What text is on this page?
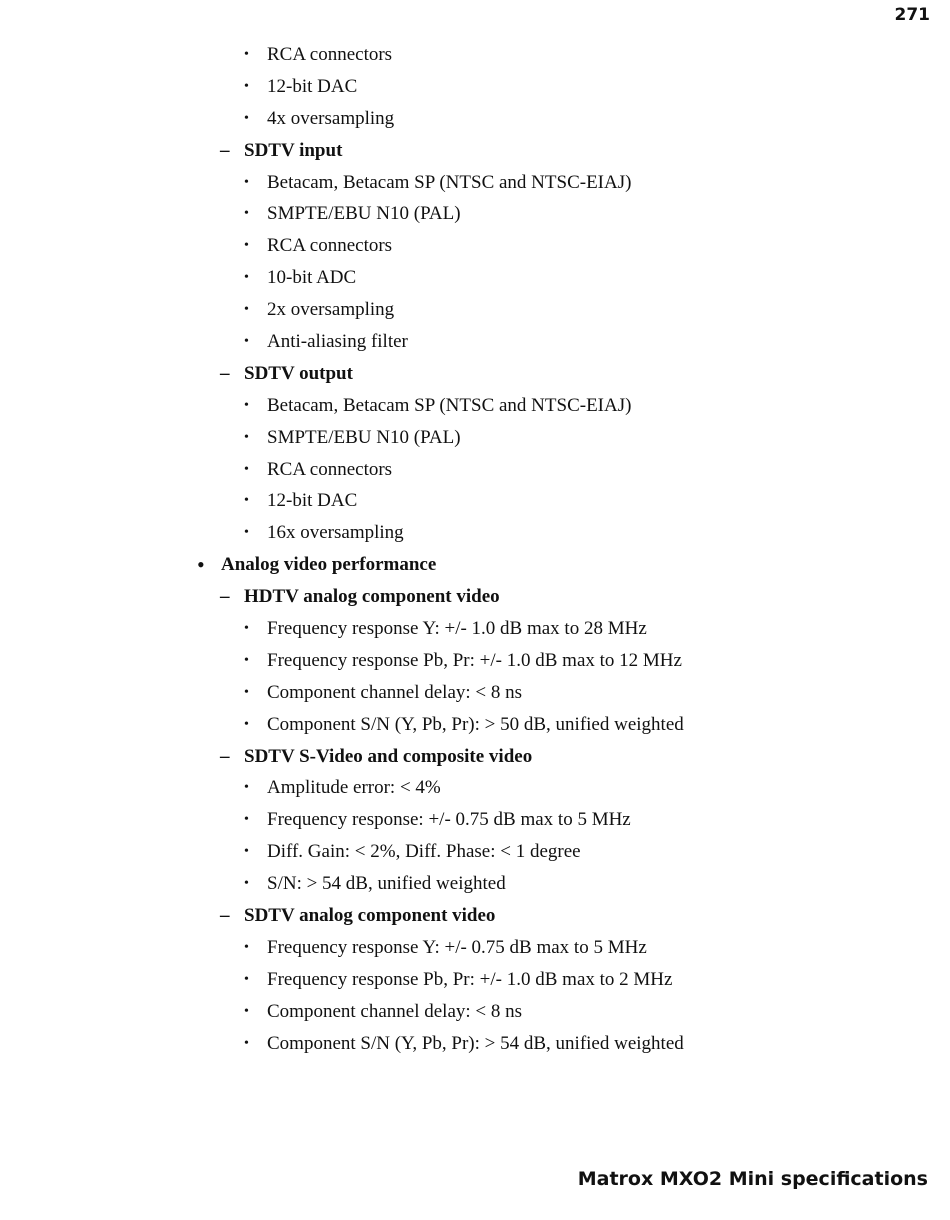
271
• RCA connectors
• 12-bit DAC
• 4x oversampling
– SDTV input
• Betacam, Betacam SP (NTSC and NTSC-EIAJ)
• SMPTE/EBU N10 (PAL)
• RCA connectors
• 10-bit ADC
• 2x oversampling
• Anti-aliasing filter
– SDTV output
• Betacam, Betacam SP (NTSC and NTSC-EIAJ)
• SMPTE/EBU N10 (PAL)
• RCA connectors
• 12-bit DAC
• 16x oversampling
• Analog video performance
– HDTV analog component video
• Frequency response Y: +/- 1.0 dB max to 28 MHz
• Frequency response Pb, Pr: +/- 1.0 dB max to 12 MHz
• Component channel delay: < 8 ns
• Component S/N (Y, Pb, Pr): > 50 dB, unified weighted
– SDTV S-Video and composite video
• Amplitude error: < 4%
• Frequency response: +/- 0.75 dB max to 5 MHz
• Diff. Gain: < 2%, Diff. Phase: < 1 degree
• S/N: > 54 dB, unified weighted
– SDTV analog component video
• Frequency response Y: +/- 0.75 dB max to 5 MHz
• Frequency response Pb, Pr: +/- 1.0 dB max to 2 MHz
• Component channel delay: < 8 ns
• Component S/N (Y, Pb, Pr): > 54 dB, unified weighted
Matrox MXO2 Mini specifications
